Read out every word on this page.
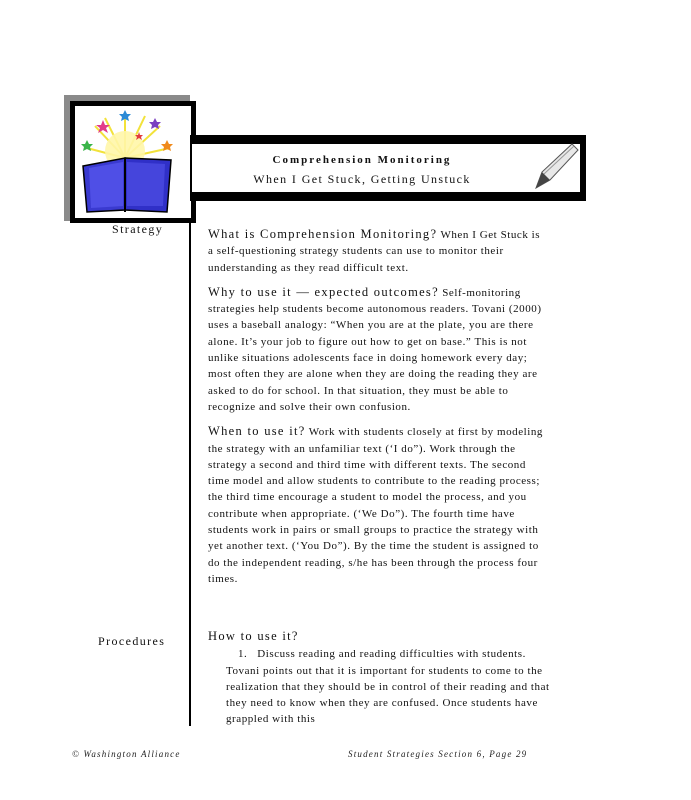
Comprehension Monitoring
When I Get Stuck, Getting Unstuck
Strategy
Procedures

What is Comprehension Monitoring? When I Get Stuck is a self-questioning strategy students can use to monitor their understanding as they read difficult text.

Why to use it — expected outcomes? Self-monitoring strategies help students become autonomous readers. Tovani (2000) uses a baseball analogy: “When you are at the plate, you are there alone. It’s your job to figure out how to get on base.” This is not unlike situations adolescents face in doing homework every day; most often they are alone when they are doing the reading they are asked to do for school. In that situation, they must be able to recognize and solve their own confusion.

When to use it? Work with students closely at first by modeling the strategy with an unfamiliar text (‘I do”). Work through the strategy a second and third time with different texts. The second time model and allow students to contribute to the reading process; the third time encourage a student to model the process, and you contribute when appropriate. (‘We Do”). The fourth time have students work in pairs or small groups to practice the strategy with yet another text. (‘You Do”). By the time the student is assigned to do the independent reading, s/he has been through the process four times.

How to use it?
1. Discuss reading and reading difficulties with students. Tovani points out that it is important for students to come to the realization that they should be in control of their reading and that they need to know when they are confused. Once students have grappled with this
© Washington Alliance	Student Strategies Section 6, Page 29
